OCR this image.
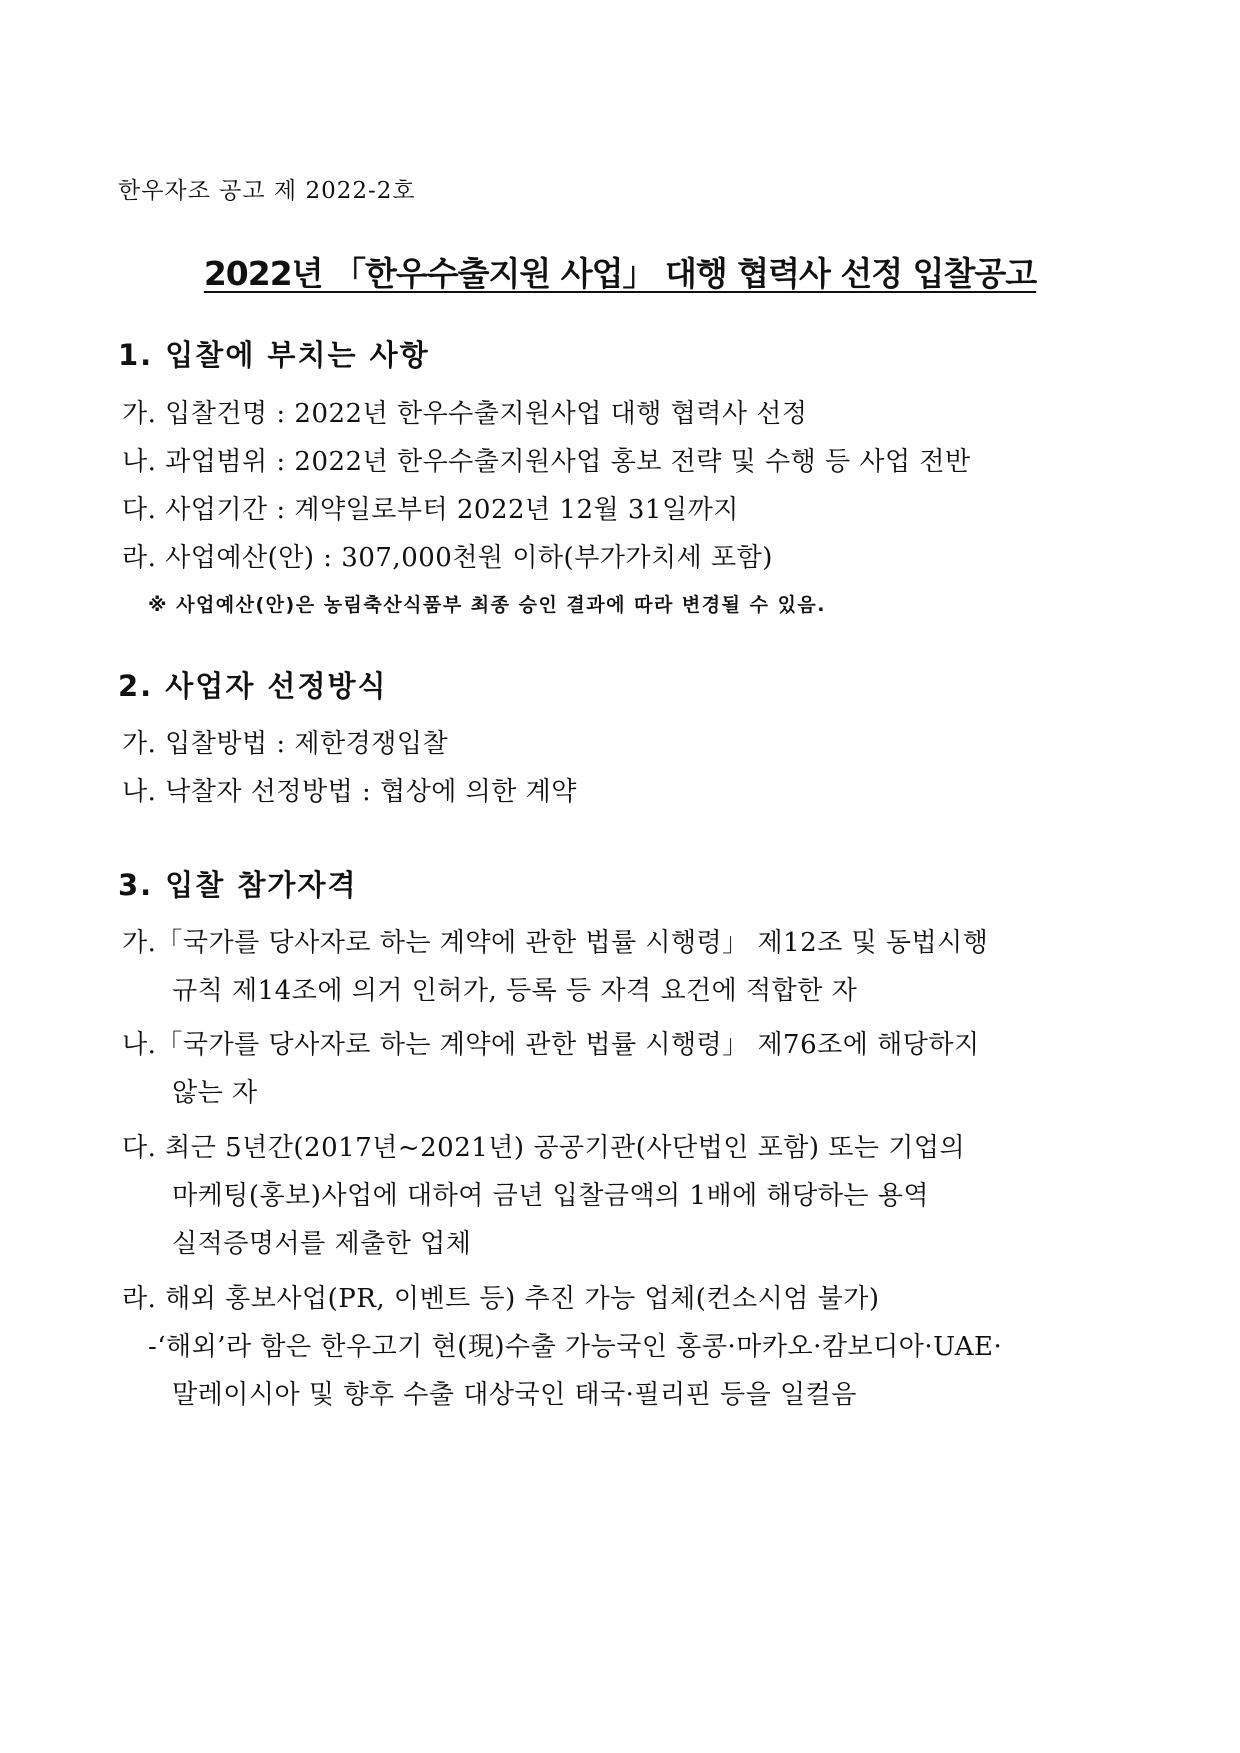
한우자조 공고 제 2022-2호
2022년 「한우수출지원 사업」 대행 협력사 선정 입찰공고
1. 입찰에 부치는 사항
가. 입찰건명 : 2022년 한우수출지원사업 대행 협력사 선정
나. 과업범위 : 2022년 한우수출지원사업 홍보 전략 및 수행 등 사업 전반
다. 사업기간 : 계약일로부터 2022년 12월 31일까지
라. 사업예산(안) : 307,000천원 이하(부가가치세 포함)
※ 사업예산(안)은 농림축산식품부 최종 승인 결과에 따라 변경될 수 있음.
2. 사업자 선정방식
가. 입찰방법 : 제한경쟁입찰
나. 낙찰자 선정방법 : 협상에 의한 계약
3. 입찰 참가자격
가.「국가를 당사자로 하는 계약에 관한 법률 시행령」 제12조 및 동법시행
규칙 제14조에 의거 인허가, 등록 등 자격 요건에 적합한 자
나.「국가를 당사자로 하는 계약에 관한 법률 시행령」 제76조에 해당하지
않는 자
다. 최근 5년간(2017년~2021년) 공공기관(사단법인 포함) 또는 기업의
마케팅(홍보)사업에 대하여 금년 입찰금액의 1배에 해당하는 용역
실적증명서를 제출한 업체
라. 해외 홍보사업(PR, 이벤트 등) 추진 가능 업체(컨소시엄 불가)
-‘해외’라 함은 한우고기 현(現)수출 가능국인 홍콩·마카오·캄보디아·UAE·
말레이시아 및 향후 수출 대상국인 태국·필리핀 등을 일컬음
